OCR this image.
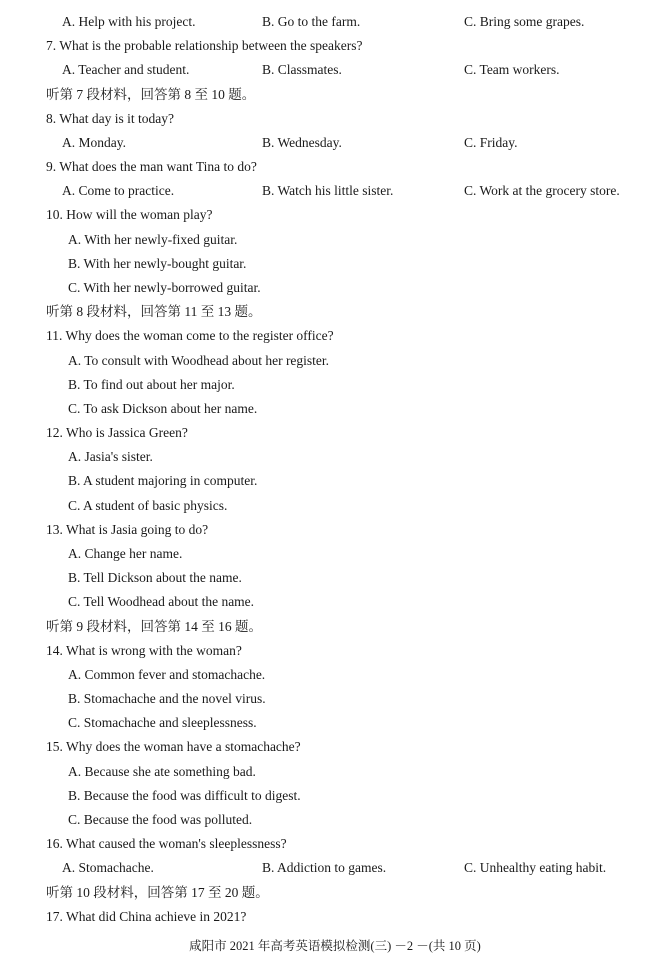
A. Help with his project.	B. Go to the farm.	C. Bring some grapes.
7. What is the probable relationship between the speakers?
A. Teacher and student.	B. Classmates.	C. Team workers.
听第 7 段材料，回答第 8 至 10 题。
8. What day is it today?
A. Monday.	B. Wednesday.	C. Friday.
9. What does the man want Tina to do?
A. Come to practice.	B. Watch his little sister.	C. Work at the grocery store.
10. How will the woman play?
A. With her newly-fixed guitar.
B. With her newly-bought guitar.
C. With her newly-borrowed guitar.
听第 8 段材料，回答第 11 至 13 题。
11. Why does the woman come to the register office?
A. To consult with Woodhead about her register.
B. To find out about her major.
C. To ask Dickson about her name.
12. Who is Jassica Green?
A. Jasia's sister.
B. A student majoring in computer.
C. A student of basic physics.
13. What is Jasia going to do?
A. Change her name.
B. Tell Dickson about the name.
C. Tell Woodhead about the name.
听第 9 段材料，回答第 14 至 16 题。
14. What is wrong with the woman?
A. Common fever and stomachache.
B. Stomachache and the novel virus.
C. Stomachache and sleeplessness.
15. Why does the woman have a stomachache?
A. Because she ate something bad.
B. Because the food was difficult to digest.
C. Because the food was polluted.
16. What caused the woman's sleeplessness?
A. Stomachache.	B. Addiction to games.	C. Unhealthy eating habit.
听第 10 段材料，回答第 17 至 20 题。
17. What did China achieve in 2021?
咸阳市 2021 年高考英语模拟检测(三) －2 －(共 10 页)
